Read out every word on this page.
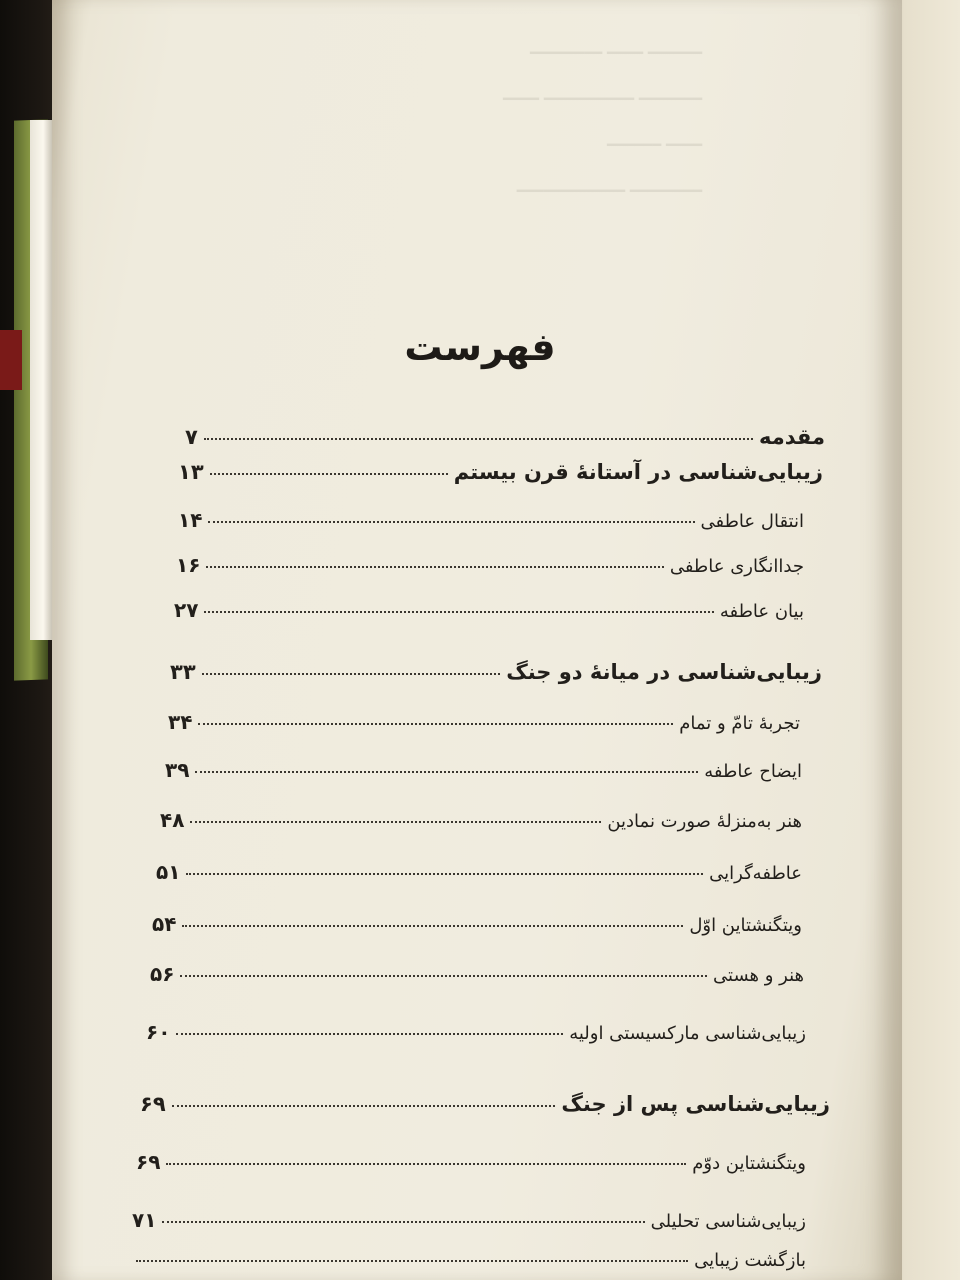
━━━━━━ ━━━━ ━━━━━━━━
━━━━━━━ ━━━━━━━━━━ ━━━━
━━━━ ━━━━━━
━━━━━━━━ ━━━━━━━━━━━━
فهرست
مقدمه
۷
زیبایی‌شناسی در آستانهٔ قرن بیستم
۱۳
انتقال عاطفی
۱۴
جداانگاری عاطفی
۱۶
بیان عاطفه
۲۷
زیبایی‌شناسی در میانهٔ دو جنگ
۳۳
تجربهٔ تامّ و تمام
۳۴
ایضاح عاطفه
۳۹
هنر به‌منزلهٔ صورت نمادین
۴۸
عاطفه‌گرایی
۵۱
ویتگنشتاین اوّل
۵۴
هنر و هستی
۵۶
زیبایی‌شناسی مارکسیستی اولیه
۶۰
زیبایی‌شناسی پس از جنگ
۶۹
ویتگنشتاین دوّم
۶۹
زیبایی‌شناسی تحلیلی
۷۱
بازگشت زیبایی
